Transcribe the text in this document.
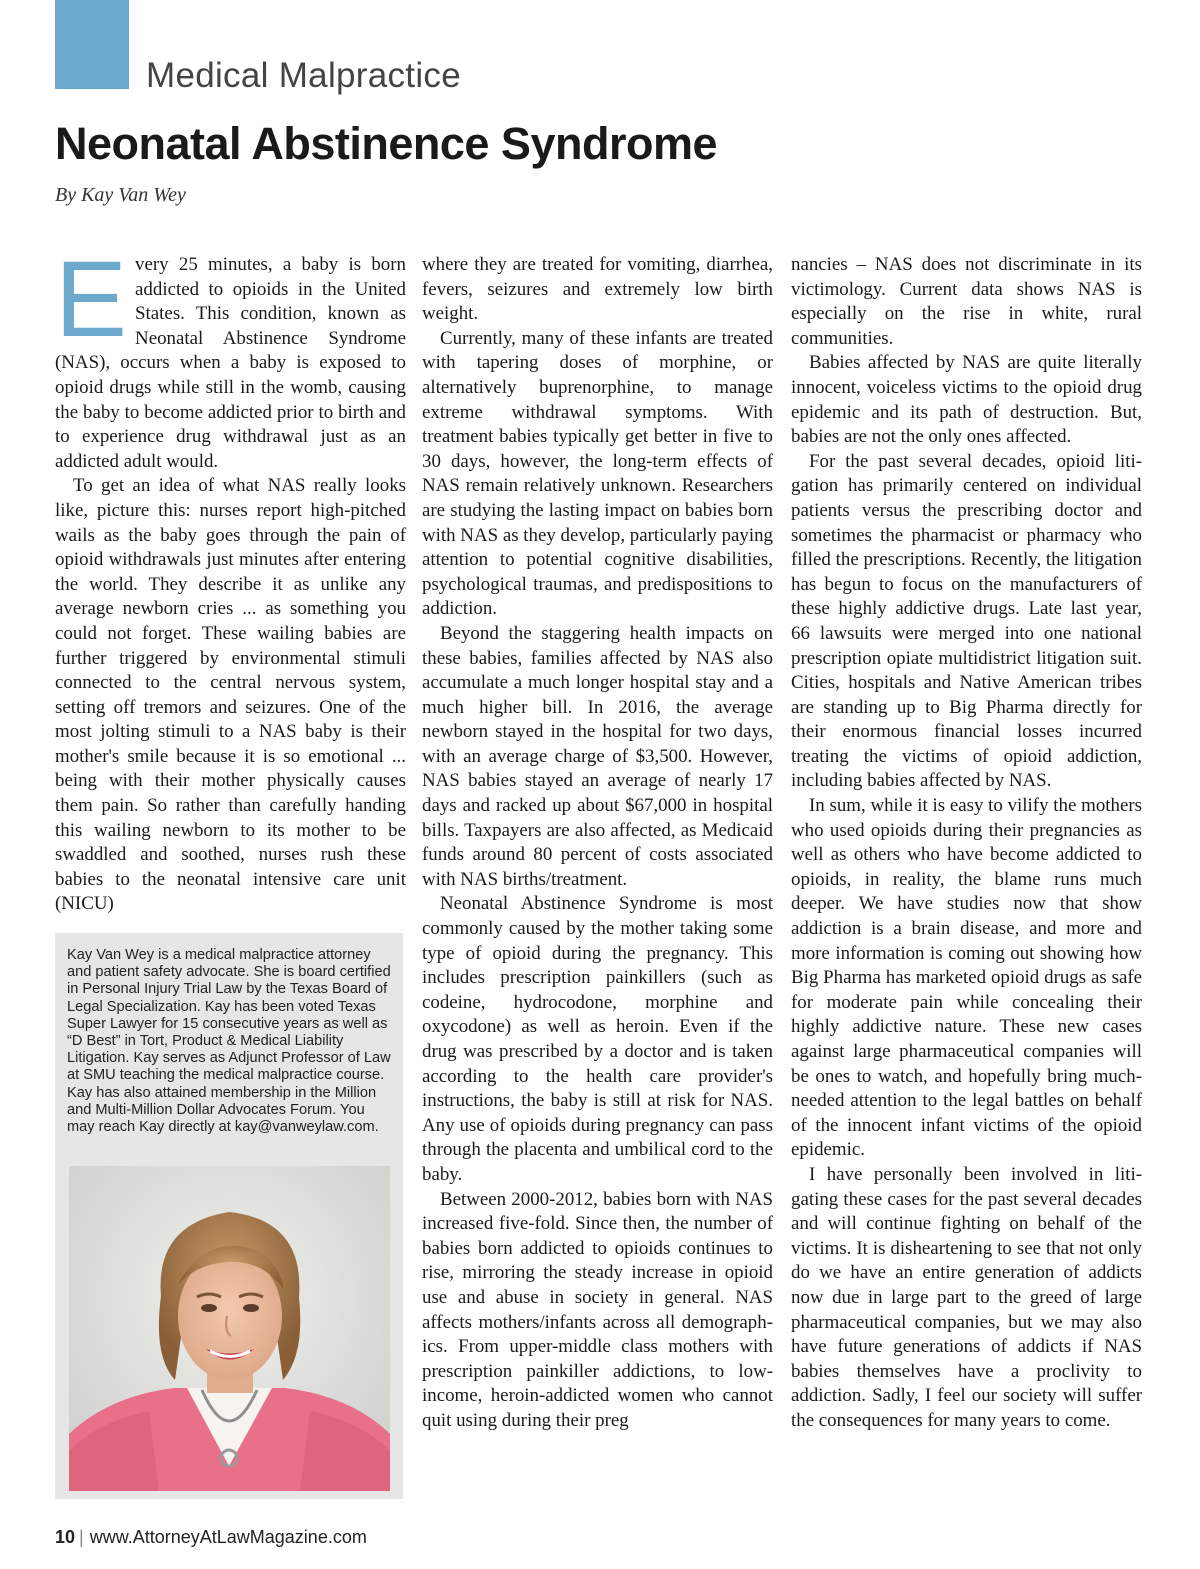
Medical Malpractice
Neonatal Abstinence Syndrome
By Kay Van Wey

Every 25 minutes, a baby is born addicted to opioids in the United States. This condition, known as Neonatal Abstinence Syndrome (NAS), occurs when a baby is exposed to opioid drugs while still in the womb, causing the baby to become addicted prior to birth and to experience drug withdrawal just as an addicted adult would.

To get an idea of what NAS really looks like, picture this: nurses report high-pitched wails as the baby goes through the pain of opioid withdrawals just minutes after entering the world. They describe it as unlike any average newborn cries ... as something you could not forget. These wailing babies are further triggered by environmental stimuli connected to the central nervous system, setting off tremors and seizures. One of the most jolting stimuli to a NAS baby is their mother's smile because it is so emotional ... being with their mother physically causes them pain. So rather than carefully handing this wailing newborn to its mother to be swaddled and soothed, nurses rush these babies to the neonatal intensive care unit (NICU)

where they are treated for vomiting, diarrhea, fevers, seizures and extremely low birth weight.

Currently, many of these infants are treated with tapering doses of morphine, or alternatively buprenorphine, to manage extreme withdrawal symptoms. With treatment babies typically get better in five to 30 days, however, the long-term effects of NAS remain relatively unknown. Researchers are studying the lasting impact on babies born with NAS as they develop, particularly paying attention to potential cognitive disabilities, psychological traumas, and predispositions to addiction.

Beyond the staggering health impacts on these babies, families affected by NAS also accumulate a much longer hospital stay and a much higher bill. In 2016, the average newborn stayed in the hospital for two days, with an average charge of $3,500. However, NAS babies stayed an average of nearly 17 days and racked up about $67,000 in hospital bills. Taxpayers are also affected, as Medicaid funds around 80 percent of costs associated with NAS births/treatment.

Neonatal Abstinence Syndrome is most commonly caused by the mother taking some type of opioid during the pregnancy. This includes prescription painkillers (such as codeine, hydrocodone, morphine and oxycodone) as well as heroin. Even if the drug was prescribed by a doctor and is taken according to the health care provider's instructions, the baby is still at risk for NAS. Any use of opioids during pregnancy can pass through the placenta and umbilical cord to the baby.

Between 2000-2012, babies born with NAS increased five-fold. Since then, the number of babies born addicted to opioids continues to rise, mirroring the steady increase in opioid use and abuse in society in general. NAS affects mothers/infants across all demographics. From upper-middle class mothers with prescription painkiller addictions, to low-income, heroin-addicted women who cannot quit using during their preg

nancies – NAS does not discriminate in its victimology. Current data shows NAS is especially on the rise in white, rural communities.

Babies affected by NAS are quite literally innocent, voiceless victims to the opioid drug epidemic and its path of destruction. But, babies are not the only ones affected.

For the past several decades, opioid litigation has primarily centered on individual patients versus the prescribing doctor and sometimes the pharmacist or pharmacy who filled the prescriptions. Recently, the litigation has begun to focus on the manufacturers of these highly addictive drugs. Late last year, 66 lawsuits were merged into one national prescription opiate multidistrict litigation suit. Cities, hospitals and Native American tribes are standing up to Big Pharma directly for their enormous financial losses incurred treating the victims of opioid addiction, including babies affected by NAS.

In sum, while it is easy to vilify the mothers who used opioids during their pregnancies as well as others who have become addicted to opioids, in reality, the blame runs much deeper. We have studies now that show addiction is a brain disease, and more and more information is coming out showing how Big Pharma has marketed opioid drugs as safe for moderate pain while concealing their highly addictive nature. These new cases against large pharmaceutical companies will be ones to watch, and hopefully bring much-needed attention to the legal battles on behalf of the innocent infant victims of the opioid epidemic.

I have personally been involved in litigating these cases for the past several decades and will continue fighting on behalf of the victims. It is disheartening to see that not only do we have an entire generation of addicts now due in large part to the greed of large pharmaceutical companies, but we may also have future generations of addicts if NAS babies themselves have a proclivity to addiction. Sadly, I feel our society will suffer the consequences for many years to come.

Kay Van Wey is a medical malpractice attorney and patient safety advocate. She is board certified in Personal Injury Trial Law by the Texas Board of Legal Specialization. Kay has been voted Texas Super Lawyer for 15 consecutive years as well as “D Best” in Tort, Product & Medical Liability Litigation. Kay serves as Adjunct Professor of Law at SMU teaching the medical malpractice course. Kay has also attained membership in the Million and Multi-Million Dollar Advocates Forum. You may reach Kay directly at kay@vanweylaw.com.
10 | www.AttorneyAtLawMagazine.com
